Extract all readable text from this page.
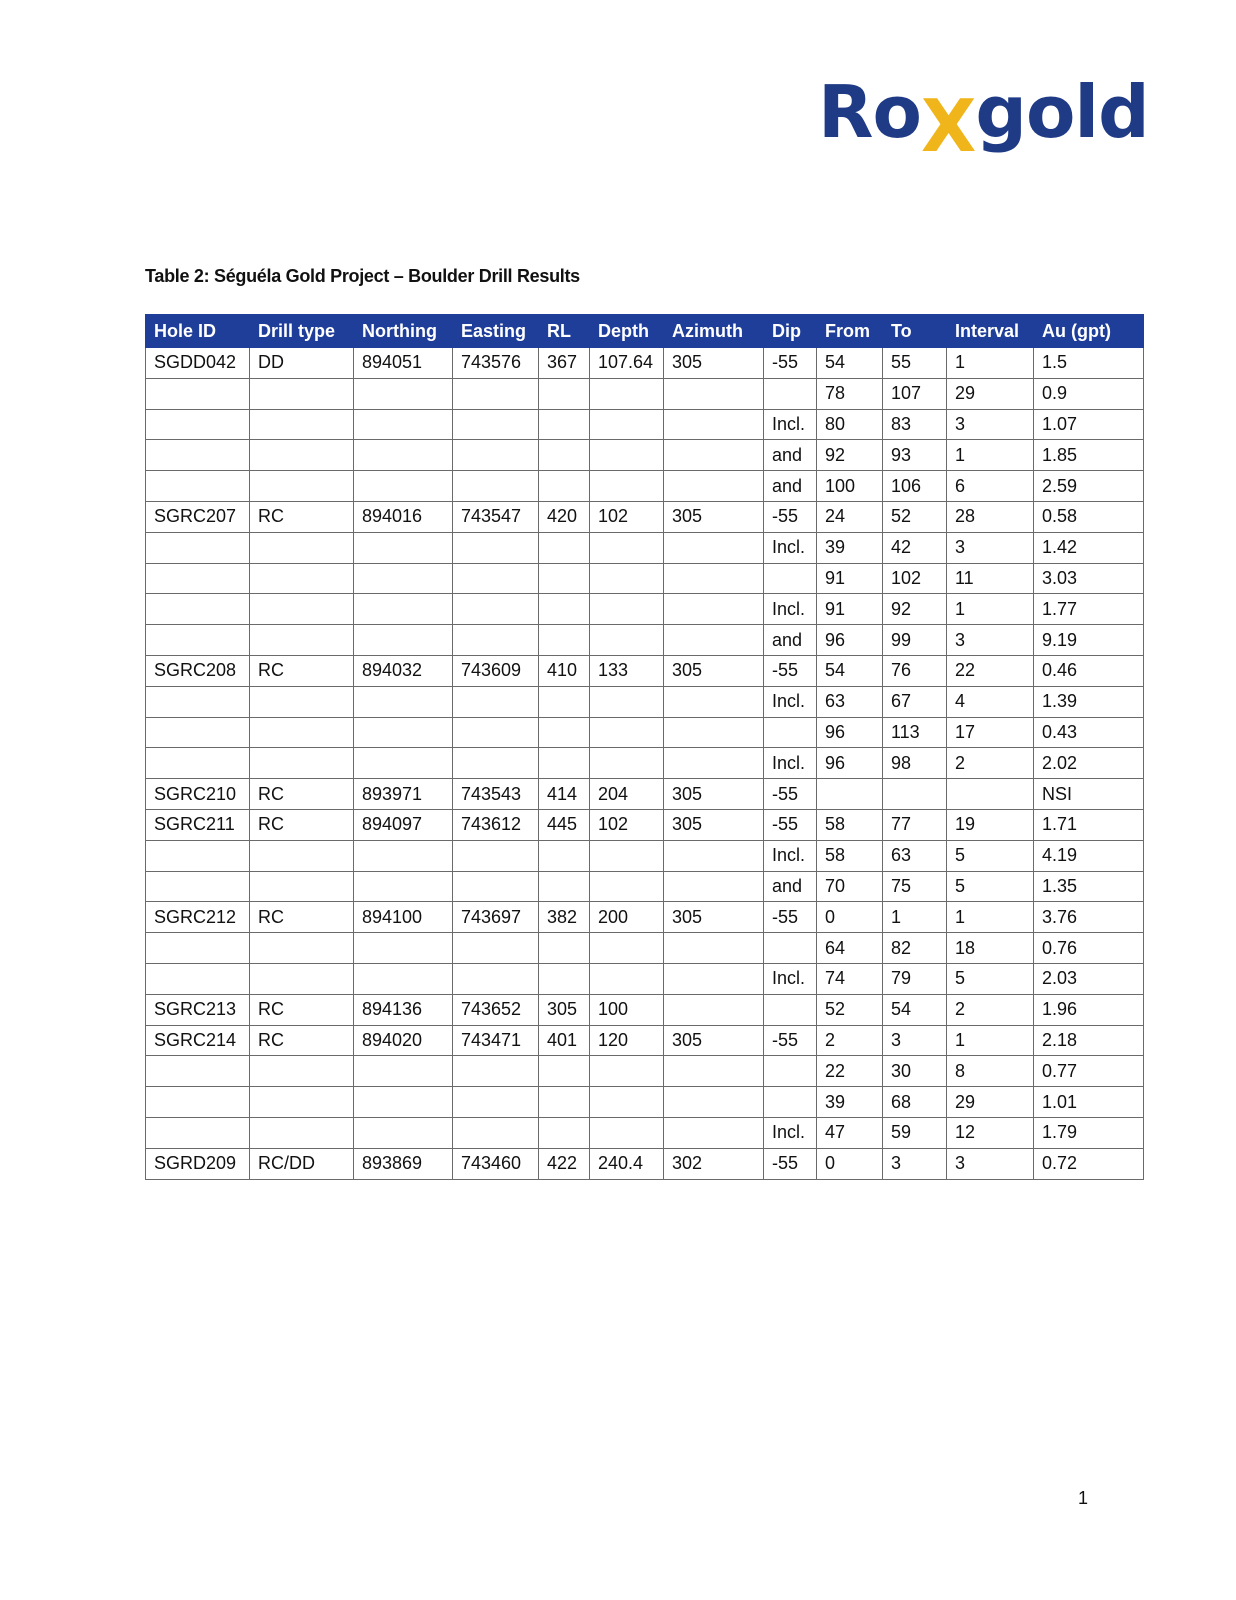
RoXgold
Table 2: Séguéla Gold Project – Boulder Drill Results
Hole ID	Drill type	Northing	Easting	RL	Depth	Azimuth	Dip	From	To	Interval	Au (gpt)
SGDD042	DD	894051	743576	367	107.64	305	-55	54	55	1	1.5
								78	107	29	0.9
							Incl.	80	83	3	1.07
							and	92	93	1	1.85
							and	100	106	6	2.59
SGRC207	RC	894016	743547	420	102	305	-55	24	52	28	0.58
							Incl.	39	42	3	1.42
								91	102	11	3.03
							Incl.	91	92	1	1.77
							and	96	99	3	9.19
SGRC208	RC	894032	743609	410	133	305	-55	54	76	22	0.46
							Incl.	63	67	4	1.39
								96	113	17	0.43
							Incl.	96	98	2	2.02
SGRC210	RC	893971	743543	414	204	305	-55				NSI
SGRC211	RC	894097	743612	445	102	305	-55	58	77	19	1.71
							Incl.	58	63	5	4.19
							and	70	75	5	1.35
SGRC212	RC	894100	743697	382	200	305	-55	0	1	1	3.76
								64	82	18	0.76
							Incl.	74	79	5	2.03
SGRC213	RC	894136	743652	305	100			52	54	2	1.96
SGRC214	RC	894020	743471	401	120	305	-55	2	3	1	2.18
								22	30	8	0.77
								39	68	29	1.01
							Incl.	47	59	12	1.79
SGRD209	RC/DD	893869	743460	422	240.4	302	-55	0	3	3	0.72
1
